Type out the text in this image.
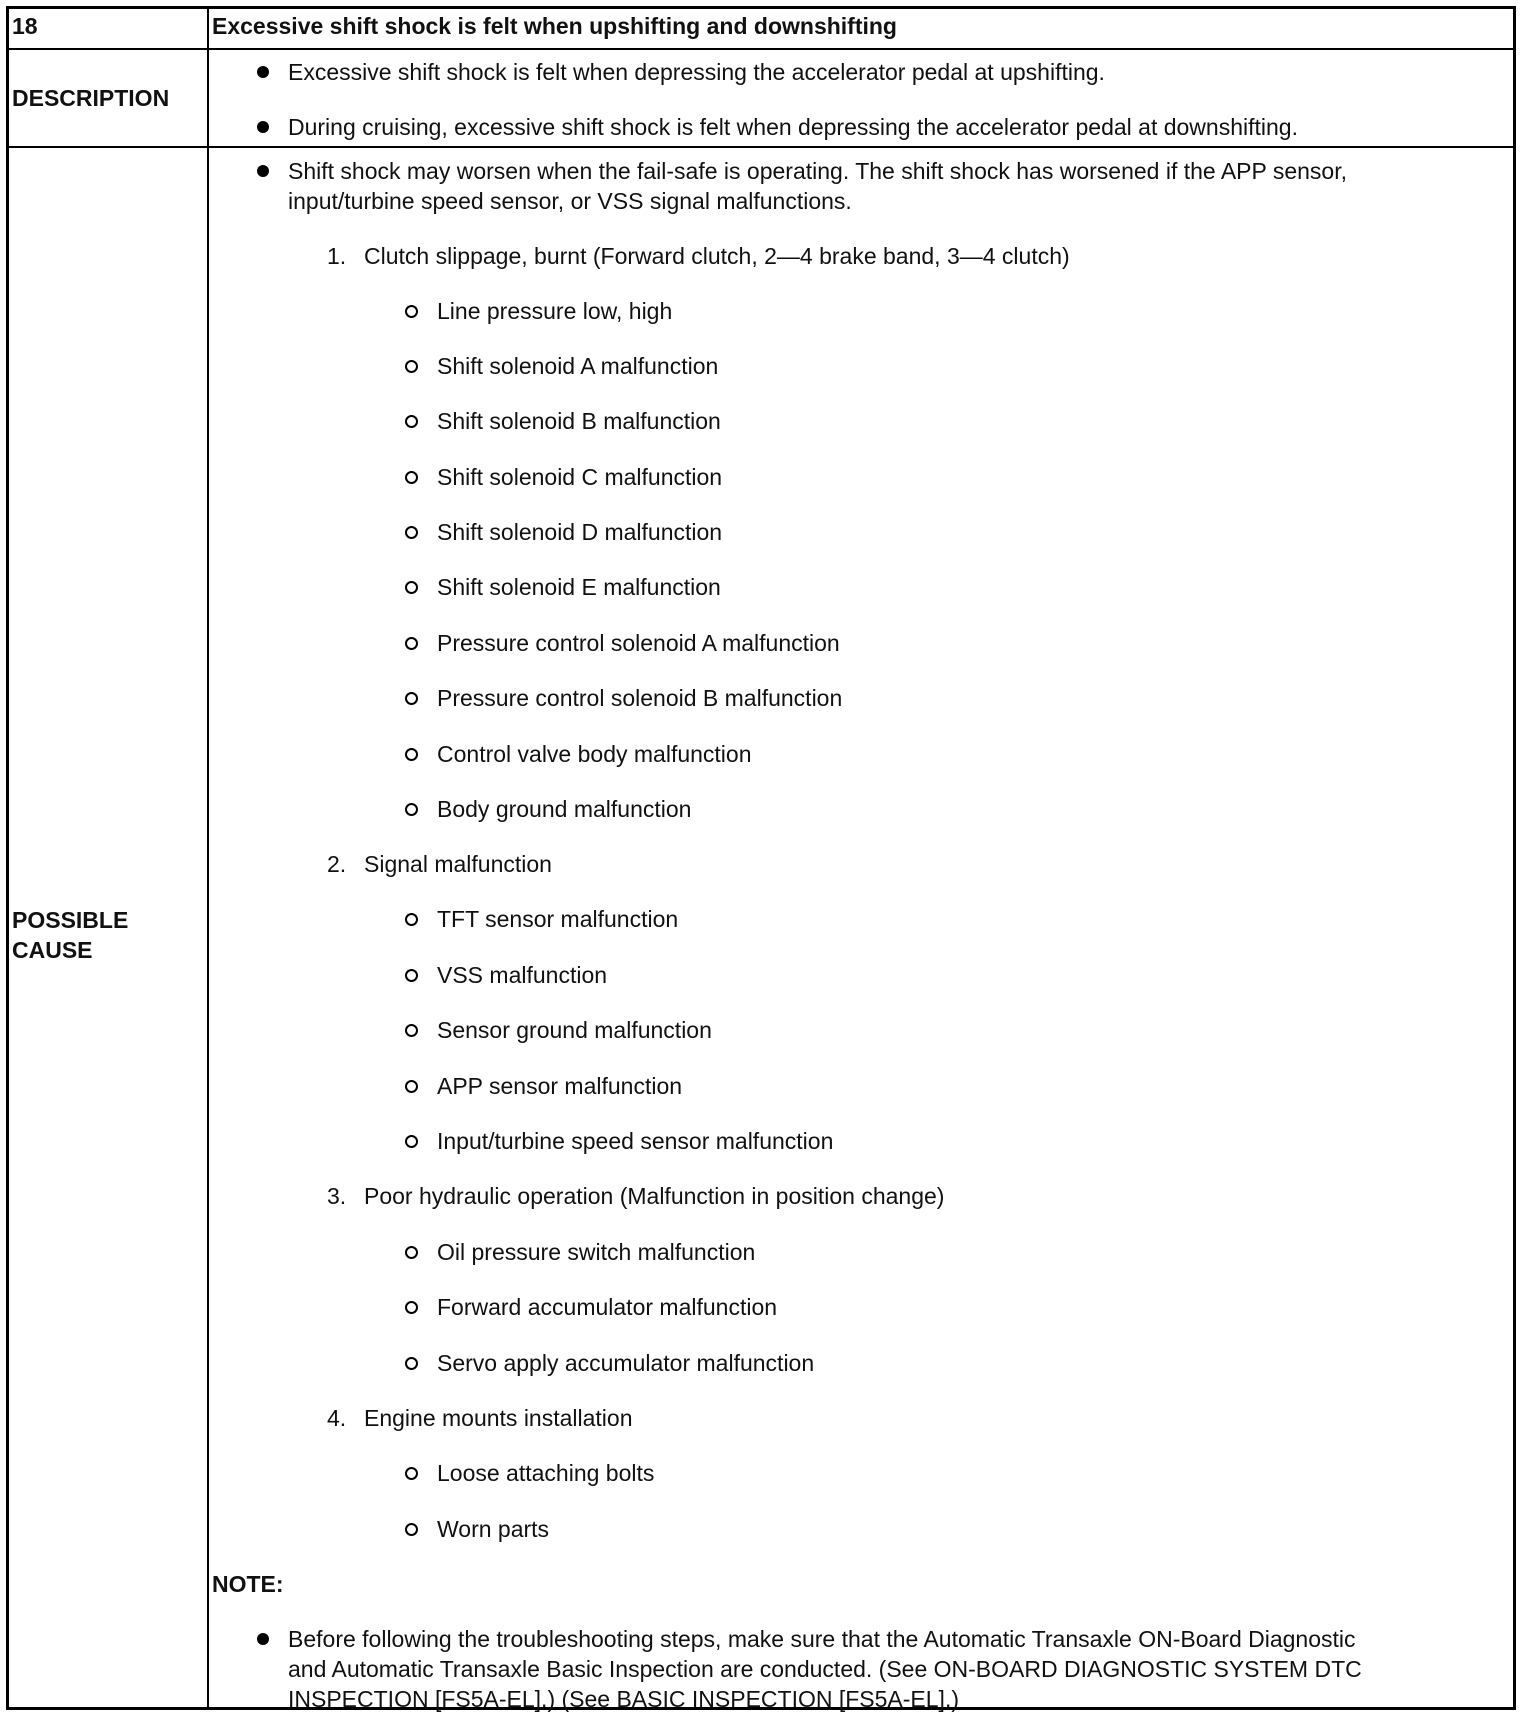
18	Excessive shift shock is felt when upshifting and downshifting
DESCRIPTION
Excessive shift shock is felt when depressing the accelerator pedal at upshifting.
During cruising, excessive shift shock is felt when depressing the accelerator pedal at downshifting.
POSSIBLE
CAUSE
Shift shock may worsen when the fail-safe is operating. The shift shock has worsened if the APP sensor,
input/turbine speed sensor, or VSS signal malfunctions.
1. Clutch slippage, burnt (Forward clutch, 2—4 brake band, 3—4 clutch)
Line pressure low, high
Shift solenoid A malfunction
Shift solenoid B malfunction
Shift solenoid C malfunction
Shift solenoid D malfunction
Shift solenoid E malfunction
Pressure control solenoid A malfunction
Pressure control solenoid B malfunction
Control valve body malfunction
Body ground malfunction
2. Signal malfunction
TFT sensor malfunction
VSS malfunction
Sensor ground malfunction
APP sensor malfunction
Input/turbine speed sensor malfunction
3. Poor hydraulic operation (Malfunction in position change)
Oil pressure switch malfunction
Forward accumulator malfunction
Servo apply accumulator malfunction
4. Engine mounts installation
Loose attaching bolts
Worn parts
NOTE:
Before following the troubleshooting steps, make sure that the Automatic Transaxle ON-Board Diagnostic
and Automatic Transaxle Basic Inspection are conducted. (See ON-BOARD DIAGNOSTIC SYSTEM DTC
INSPECTION [FS5A-EL].) (See BASIC INSPECTION [FS5A-EL].)
